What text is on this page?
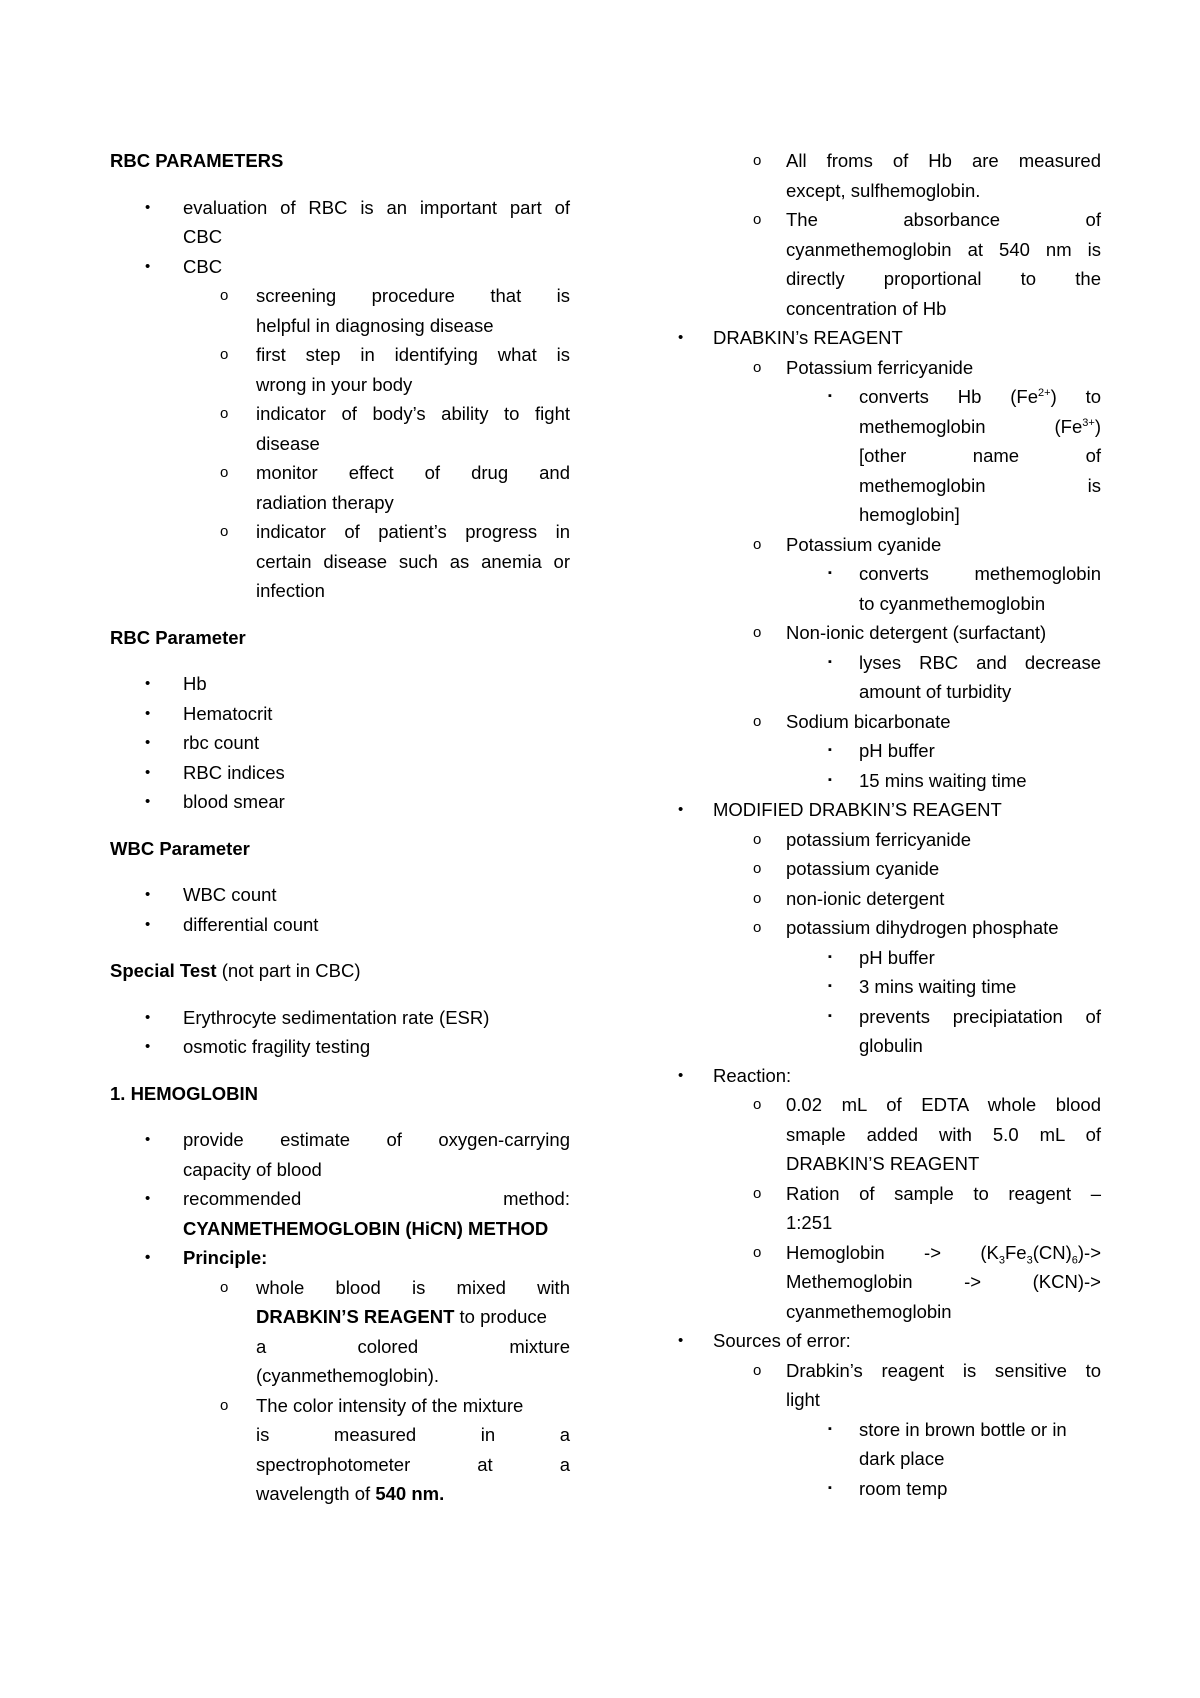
RBC PARAMETERS
• evaluation of RBC is an important part of
CBC
• CBC
o screening procedure that is
helpful in diagnosing disease
o first step in identifying what is
wrong in your body
o indicator of body’s ability to fight
disease
o monitor effect of drug and
radiation therapy
o indicator of patient’s progress in
certain disease such as anemia or
infection
RBC Parameter
• Hb
• Hematocrit
• rbc count
• RBC indices
• blood smear
WBC Parameter
• WBC count
• differential count
Special Test (not part in CBC)
• Erythrocyte sedimentation rate (ESR)
• osmotic fragility testing
1. HEMOGLOBIN
• provide estimate of oxygen-carrying
capacity of blood
• recommended method:
CYANMETHEMOGLOBIN (HiCN) METHOD
• Principle:
o whole blood is mixed with
DRABKIN’S REAGENT to produce
a colored mixture
(cyanmethemoglobin).
o The color intensity of the mixture
is measured in a
spectrophotometer at a
wavelength of 540 nm.
o All froms of Hb are measured
except, sulfhemoglobin.
o The absorbance of
cyanmethemoglobin at 540 nm is
directly proportional to the
concentration of Hb
• DRABKIN’s REAGENT
o Potassium ferricyanide
▪ converts Hb $(Fe^{2+})$ to
methemoglobin $(Fe^{3+})$
[other name of
methemoglobin is
hemoglobin]
o Potassium cyanide
▪ converts methemoglobin
to cyanmethemoglobin
o Non-ionic detergent (surfactant)
▪ lyses RBC and decrease
amount of turbidity
o Sodium bicarbonate
▪ pH buffer
▪ 15 mins waiting time
• MODIFIED DRABKIN’S REAGENT
o potassium ferricyanide
o potassium cyanide
o non-ionic detergent
o potassium dihydrogen phosphate
▪ pH buffer
▪ 3 mins waiting time
▪ prevents precipiatation of
globulin
• Reaction:
o 0.02 mL of EDTA whole blood
smaple added with 5.0 mL of
DRABKIN’S REAGENT
o Ration of sample to reagent –
1:251
o Hemoglobin -> $(K_3Fe_3(CN)_6)->$
Methemoglobin -> (KCN)->
cyanmethemoglobin
• Sources of error:
o Drabkin’s reagent is sensitive to
light
▪ store in brown bottle or in
dark place
▪ room temp
